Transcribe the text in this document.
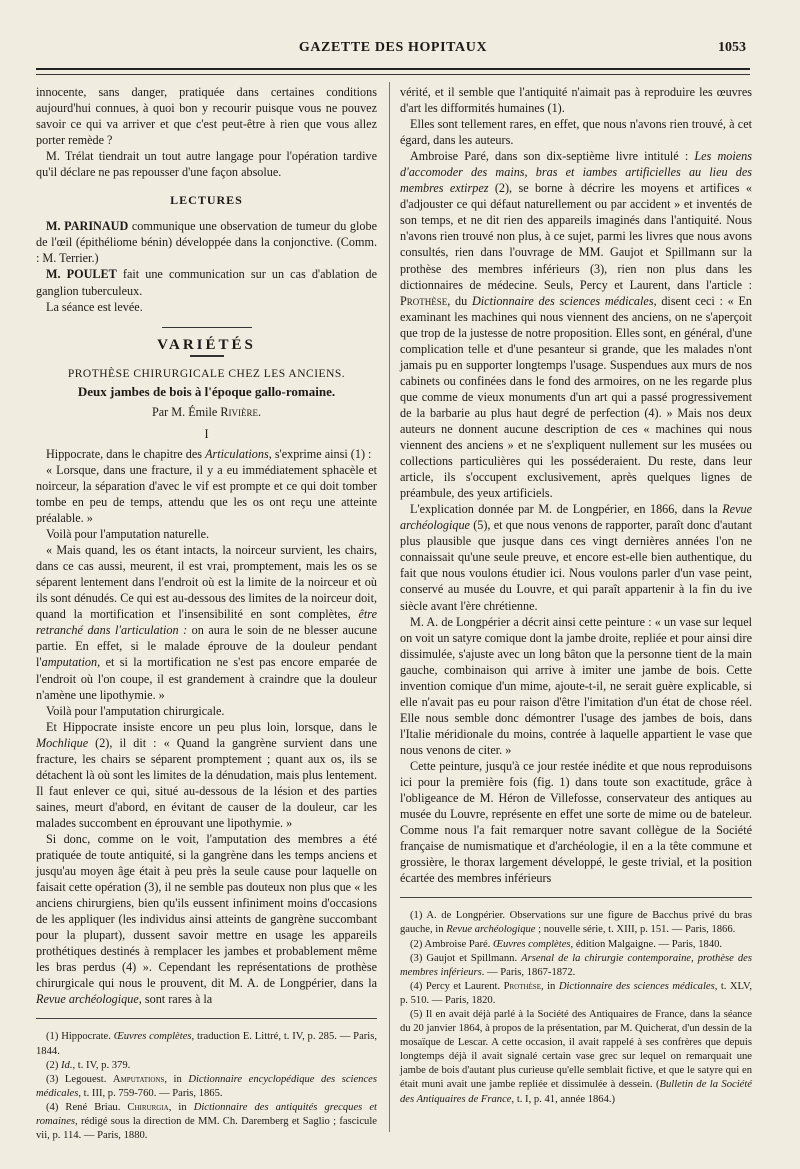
GAZETTE DES HOPITAUX	1053

innocente, sans danger, pratiquée dans certaines conditions aujourd'hui connues, à quoi bon y recourir puisque vous ne pouvez savoir ce qui va arriver et que c'est peut-être à rien que vous allez porter remède ?

M. Trélat tiendrait un tout autre langage pour l'opération tardive qu'il déclare ne pas repousser d'une façon absolue.

LECTURES

M. PARINAUD communique une observation de tumeur du globe de l'œil (épithéliome bénin) développée dans la conjonctive. (Comm. : M. Terrier.)

M. POULET fait une communication sur un cas d'ablation de ganglion tuberculeux.

La séance est levée.

VARIÉTÉS
PROTHÈSE CHIRURGICALE CHEZ LES ANCIENS.
Deux jambes de bois à l'époque gallo-romaine.
Par M. Émile Rivière.
I

Hippocrate, dans le chapitre des Articulations, s'exprime ainsi (1) :

« Lorsque, dans une fracture, il y a eu immédiatement sphacèle et noirceur, la séparation d'avec le vif est prompte et ce qui doit tomber tombe en peu de temps, attendu que les os ont reçu une atteinte préalable. »

Voilà pour l'amputation naturelle.

« Mais quand, les os étant intacts, la noirceur survient, les chairs, dans ce cas aussi, meurent, il est vrai, promptement, mais les os se séparent lentement dans l'endroit où est la limite de la noirceur et où ils sont dénudés. Ce qui est au-dessous des limites de la noirceur doit, quand la mortification et l'insensibilité en sont complètes, être retranché dans l'articulation : on aura le soin de ne blesser aucune partie. En effet, si le malade éprouve de la douleur pendant l'amputation, et si la mortification ne s'est pas encore emparée de l'endroit où l'on coupe, il est grandement à craindre que la douleur n'amène une lipothymie. »

Voilà pour l'amputation chirurgicale.

Et Hippocrate insiste encore un peu plus loin, lorsque, dans le Mochlique (2), il dit : « Quand la gangrène survient dans une fracture, les chairs se séparent promptement ; quant aux os, ils se détachent là où sont les limites de la dénudation, mais plus lentement. Il faut enlever ce qui, situé au-dessous de la lésion et des parties saines, meurt d'abord, en évitant de causer de la douleur, car les malades succombent en éprouvant une lipothymie. »

Si donc, comme on le voit, l'amputation des membres a été pratiquée de toute antiquité, si la gangrène dans les temps anciens et jusqu'au moyen âge était à peu près la seule cause pour laquelle on faisait cette opération (3), il ne semble pas douteux non plus que « les anciens chirurgiens, bien qu'ils eussent infiniment moins d'occasions de les appliquer (les individus ainsi atteints de gangrène succombant pour la plupart), dussent savoir mettre en usage les appareils prothétiques destinés à remplacer les jambes et probablement même les bras perdus (4) ». Cependant les représentations de prothèse chirurgicale qui nous le prouvent, dit M. A. de Longpérier, dans la Revue archéologique, sont rares à la

(1) Hippocrate. Œuvres complètes, traduction E. Littré, t. IV, p. 285. — Paris, 1844.

(2) Id., t. IV, p. 379.

(3) Legouest. Amputations, in Dictionnaire encyclopédique des sciences médicales, t. III, p. 759-760. — Paris, 1865.

(4) René Briau. Chirurgia, in Dictionnaire des antiquités grecques et romaines, rédigé sous la direction de MM. Ch. Daremberg et Saglio ; fascicule vii, p. 114. — Paris, 1880.

vérité, et il semble que l'antiquité n'aimait pas à reproduire les œuvres d'art les difformités humaines (1).

Elles sont tellement rares, en effet, que nous n'avons rien trouvé, à cet égard, dans les auteurs.

Ambroise Paré, dans son dix-septième livre intitulé : Les moiens d'accomoder des mains, bras et iambes artificielles au lieu des membres extirpez (2), se borne à décrire les moyens et artifices « d'adjouster ce qui défaut naturellement ou par accident » et inventés de son temps, et ne dit rien des appareils imaginés dans l'antiquité. Nous n'avons rien trouvé non plus, à ce sujet, parmi les livres que nous avons consultés, rien dans l'ouvrage de MM. Gaujot et Spillmann sur la prothèse des membres inférieurs (3), rien non plus dans les dictionnaires de médecine. Seuls, Percy et Laurent, dans l'article : Prothèse, du Dictionnaire des sciences médicales, disent ceci : « En examinant les machines qui nous viennent des anciens, on ne s'aperçoit que trop de la justesse de notre proposition. Elles sont, en général, d'une complication telle et d'une pesanteur si grande, que les malades n'ont jamais pu en supporter longtemps l'usage. Suspendues aux murs de nos cabinets ou confinées dans le fond des armoires, on ne les regarde plus que comme de vieux monuments d'un art qui a passé progressivement de la barbarie au plus haut degré de perfection (4). » Mais nos deux auteurs ne donnent aucune description de ces « machines qui nous viennent des anciens » et ne s'expliquent nullement sur les musées ou collections particulières qui les posséderaient. Du reste, dans leur article, ils s'occupent exclusivement, après quelques lignes de préambule, des yeux artificiels.

L'explication donnée par M. de Longpérier, en 1866, dans la Revue archéologique (5), et que nous venons de rapporter, paraît donc d'autant plus plausible que jusque dans ces vingt dernières années l'on ne connaissait qu'une seule preuve, et encore est-elle bien authentique, du fait que nous voulons étudier ici. Nous voulons parler d'un vase peint, conservé au musée du Louvre, et qui paraît appartenir à la fin du ive siècle avant l'ère chrétienne.

M. A. de Longpérier a décrit ainsi cette peinture : « un vase sur lequel on voit un satyre comique dont la jambe droite, repliée et pour ainsi dire dissimulée, s'ajuste avec un long bâton que la personne tient de la main gauche, combinaison qui arrive à imiter une jambe de bois. Cette invention comique d'un mime, ajoute-t-il, ne serait guère explicable, si elle n'avait pas eu pour raison d'être l'imitation d'un état de chose réel. Elle nous semble donc démontrer l'usage des jambes de bois, dans l'Italie méridionale du moins, contrée à laquelle appartient le vase que nous venons de citer. »

Cette peinture, jusqu'à ce jour restée inédite et que nous reproduisons ici pour la première fois (fig. 1) dans toute son exactitude, grâce à l'obligeance de M. Héron de Villefosse, conservateur des antiques au musée du Louvre, représente en effet une sorte de mime ou de bateleur. Comme nous l'a fait remarquer notre savant collègue de la Société française de numismatique et d'archéologie, il en a la tête commune et grossière, le thorax largement développé, le geste trivial, et la position écartée des membres inférieurs

(1) A. de Longpérier. Observations sur une figure de Bacchus privé du bras gauche, in Revue archéologique ; nouvelle série, t. XIII, p. 151. — Paris, 1866.

(2) Ambroise Paré. Œuvres complètes, édition Malgaigne. — Paris, 1840.

(3) Gaujot et Spillmann. Arsenal de la chirurgie contemporaine, prothèse des membres inférieurs. — Paris, 1867-1872.

(4) Percy et Laurent. Prothèse, in Dictionnaire des sciences médicales, t. XLV, p. 510. — Paris, 1820.

(5) Il en avait déjà parlé à la Société des Antiquaires de France, dans la séance du 20 janvier 1864, à propos de la présentation, par M. Quicherat, d'un dessin de la mosaïque de Lescar. A cette occasion, il avait rappelé à ses confrères que depuis longtemps déjà il avait signalé certain vase grec sur lequel on remarquait une jambe de bois d'autant plus curieuse qu'elle semblait fictive, et que le satyre qui en était muni avait une jambe repliée et dissimulée à dessein. (Bulletin de la Société des Antiquaires de France, t. I, p. 41, année 1864.)
